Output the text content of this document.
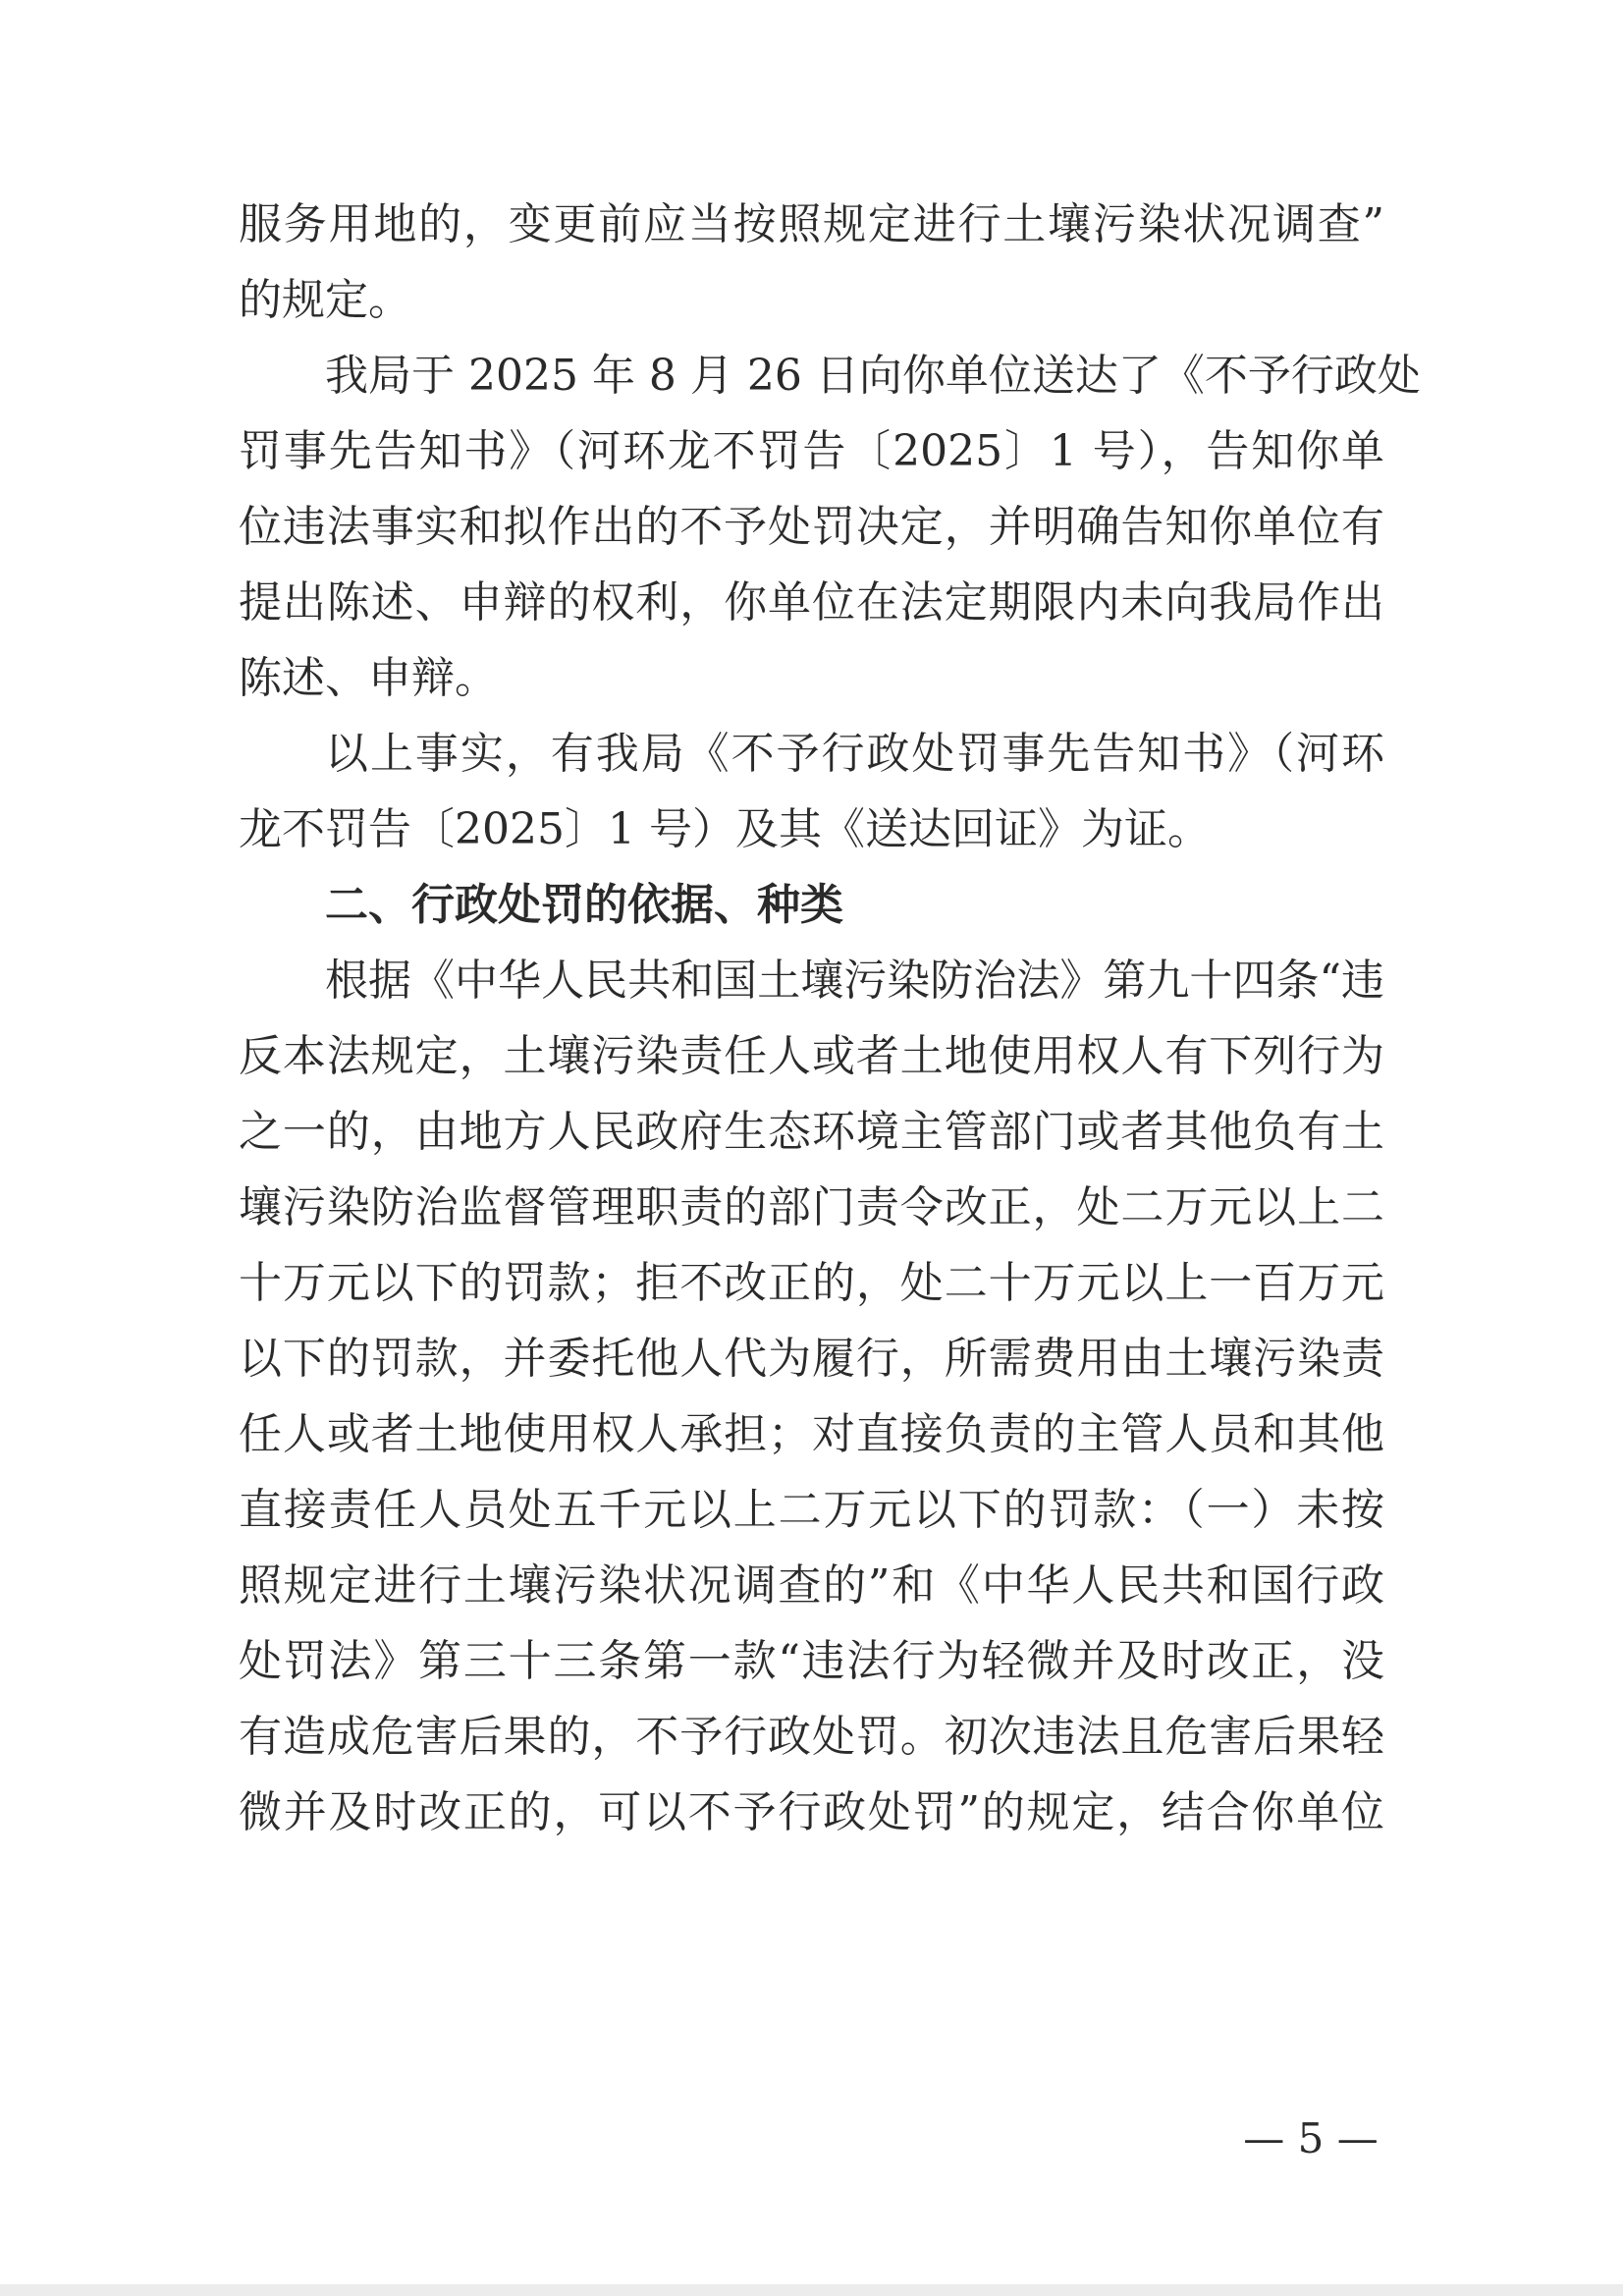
服务用地的，变更前应当按照规定进行土壤污染状况调查”
的规定。
我局于 2025 年 8 月 26 日向你单位送达了《不予行政处
罚事先告知书》（河环龙不罚告〔2025〕1 号），告知你单
位违法事实和拟作出的不予处罚决定，并明确告知你单位有
提出陈述、申辩的权利，你单位在法定期限内未向我局作出
陈述、申辩。
以上事实，有我局《不予行政处罚事先告知书》（河环
龙不罚告〔2025〕1 号）及其《送达回证》为证。
二、行政处罚的依据、种类
根据《中华人民共和国土壤污染防治法》第九十四条“违
反本法规定，土壤污染责任人或者土地使用权人有下列行为
之一的，由地方人民政府生态环境主管部门或者其他负有土
壤污染防治监督管理职责的部门责令改正，处二万元以上二
十万元以下的罚款；拒不改正的，处二十万元以上一百万元
以下的罚款，并委托他人代为履行，所需费用由土壤污染责
任人或者土地使用权人承担；对直接负责的主管人员和其他
直接责任人员处五千元以上二万元以下的罚款：（一）未按
照规定进行土壤污染状况调查的”和《中华人民共和国行政
处罚法》第三十三条第一款“违法行为轻微并及时改正，没
有造成危害后果的，不予行政处罚。初次违法且危害后果轻
微并及时改正的，可以不予行政处罚”的规定，结合你单位
— 5 —
